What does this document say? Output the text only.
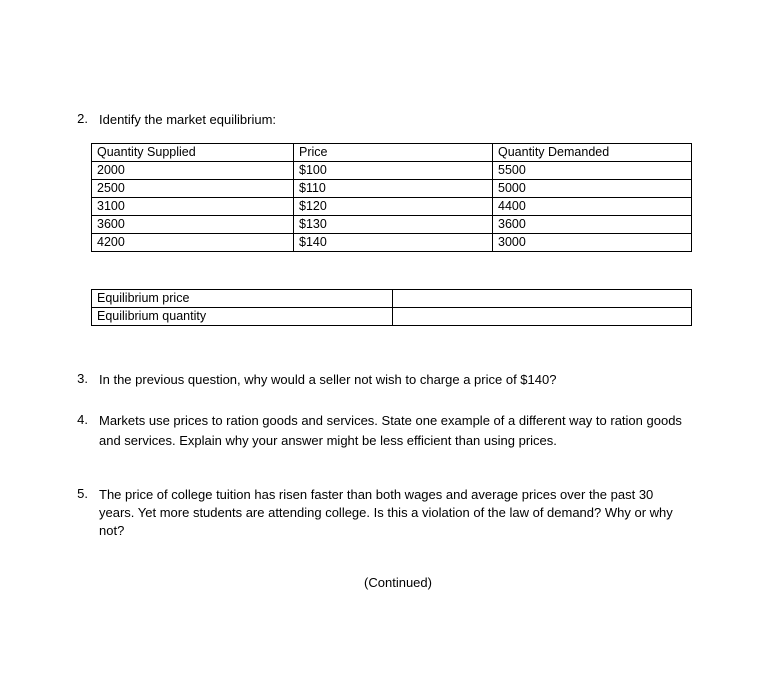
2. Identify the market equilibrium:
Quantity Supplied	Price	Quantity Demanded
2000	$100	5500
2500	$110	5000
3100	$120	4400
3600	$130	3600
4200	$140	3000
Equilibrium price	
Equilibrium quantity	
3. In the previous question, why would a seller not wish to charge a price of $140?
4. Markets use prices to ration goods and services. State one example of a different way to ration goods
and services. Explain why your answer might be less efficient than using prices.
5. The price of college tuition has risen faster than both wages and average prices over the past 30
years. Yet more students are attending college. Is this a violation of the law of demand? Why or why
not?
(Continued)
